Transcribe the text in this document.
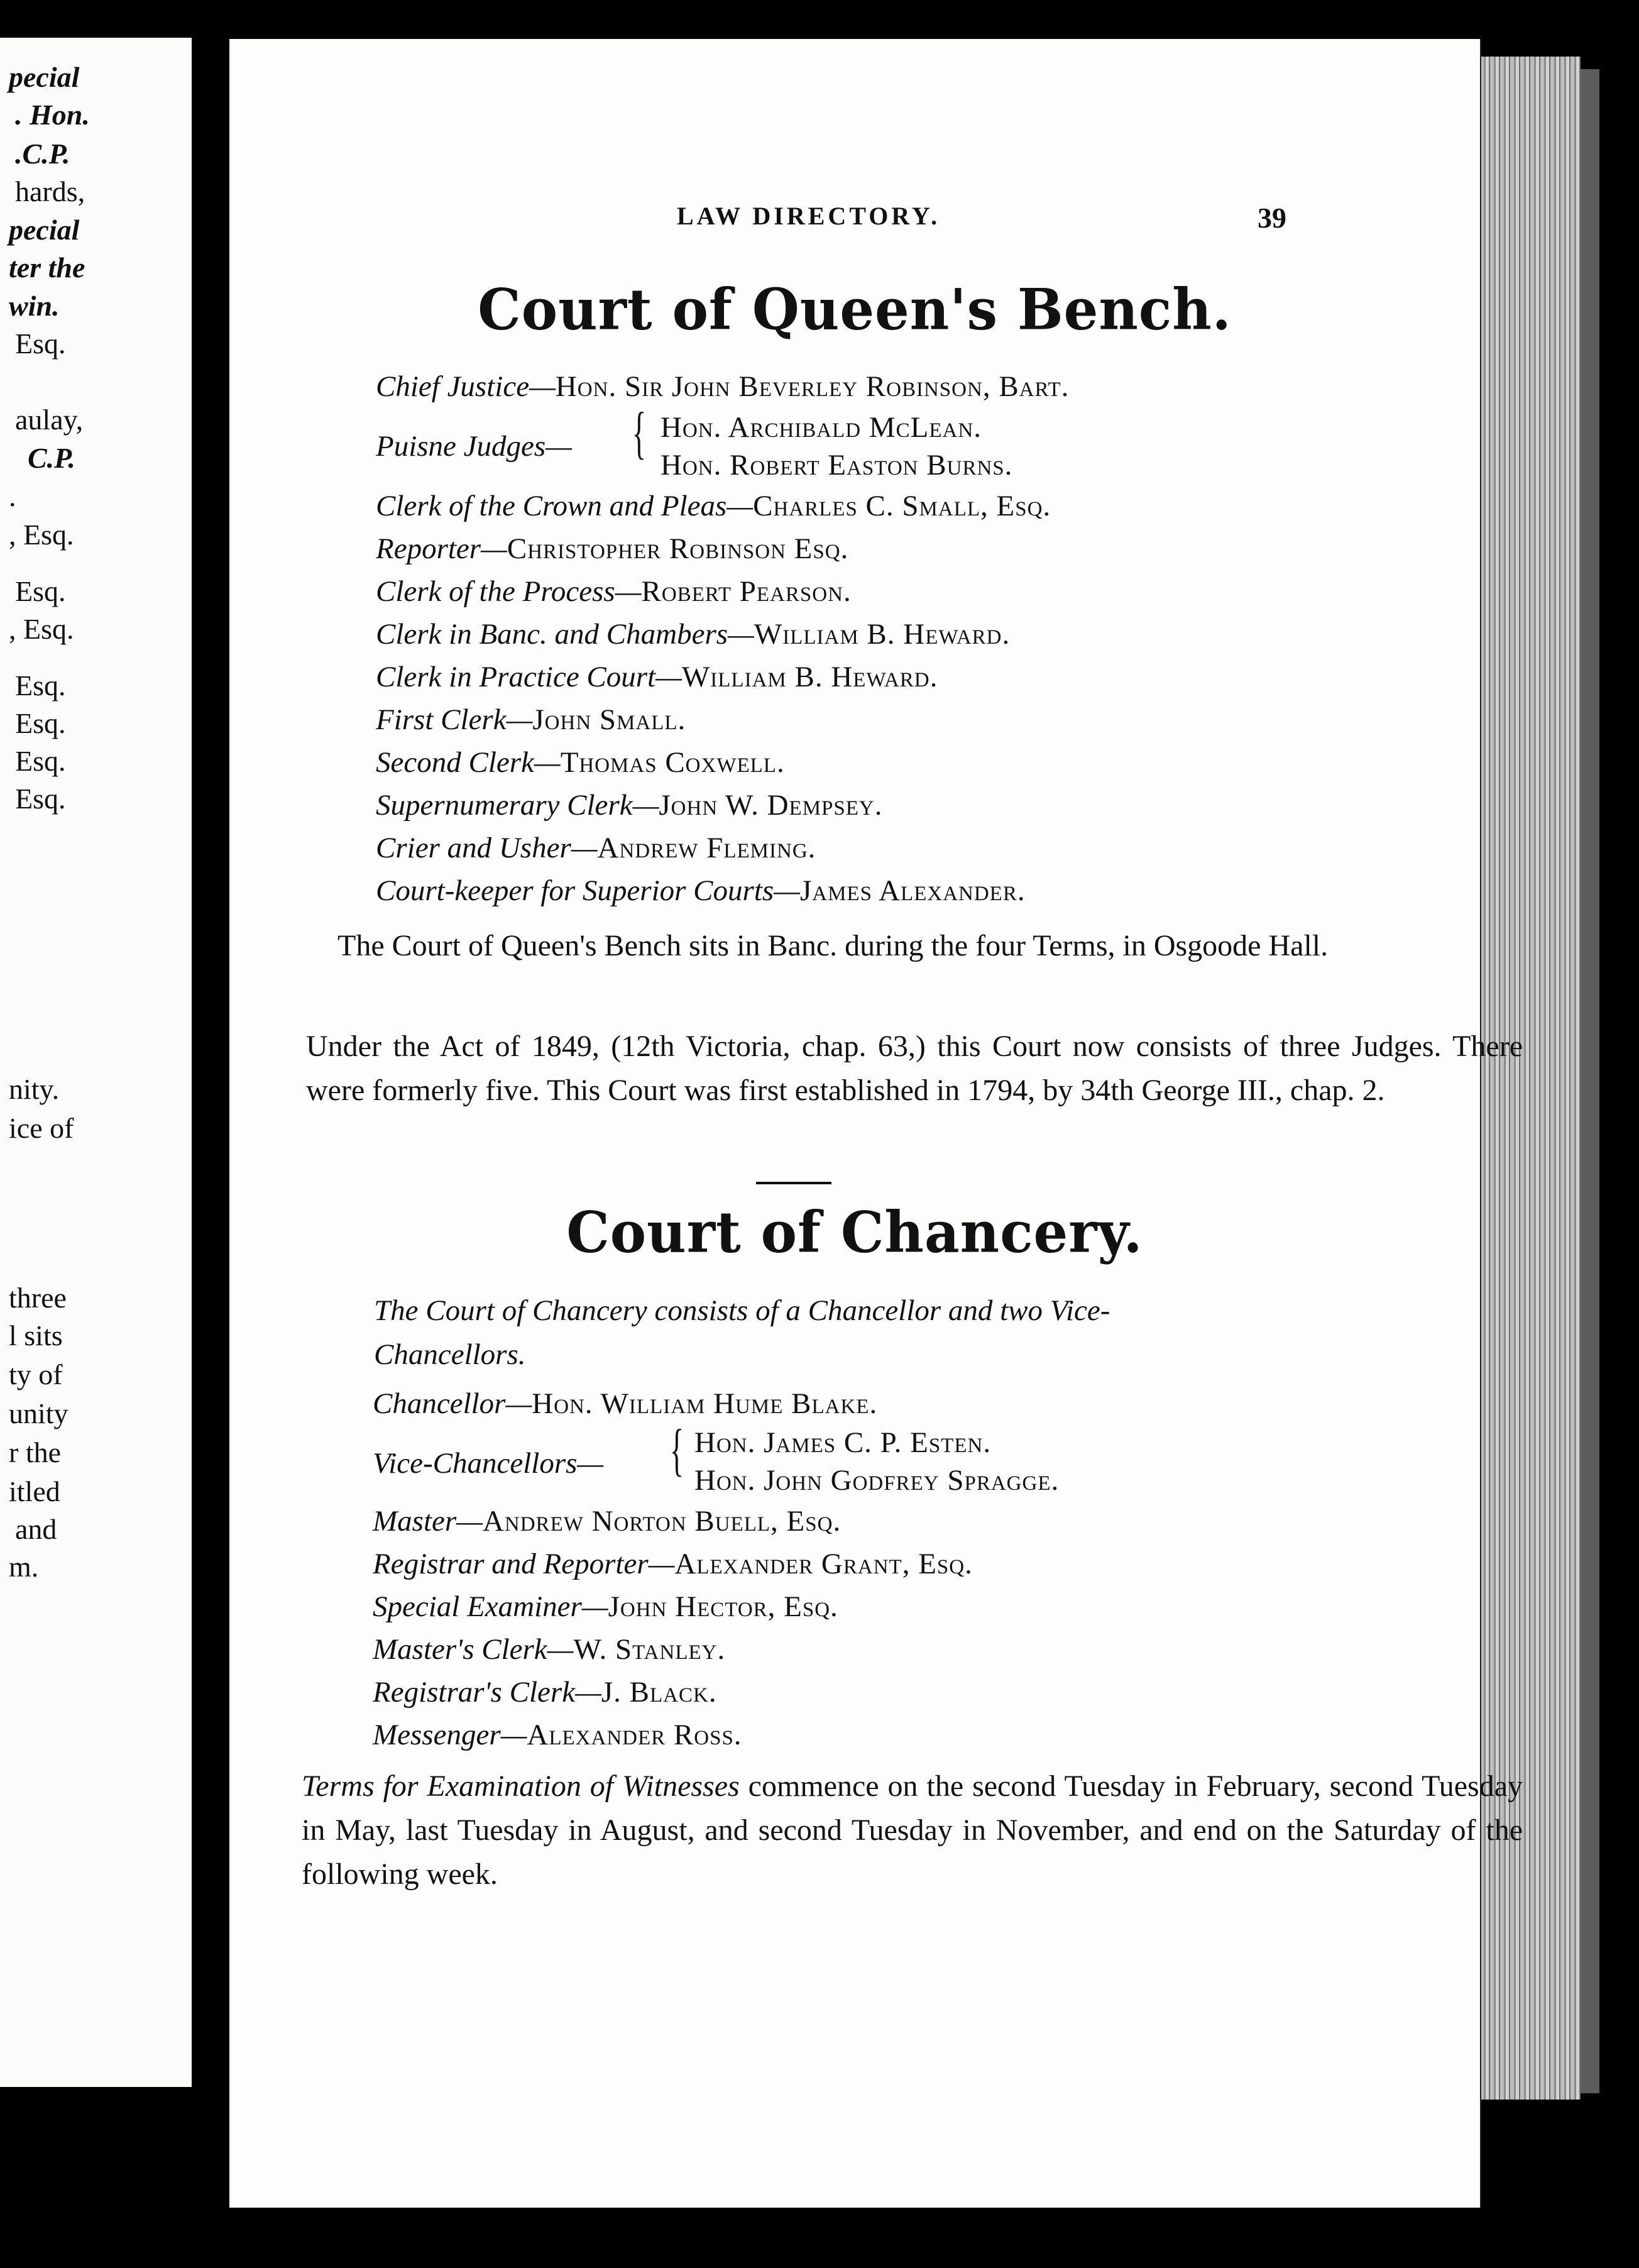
pecial
. Hon.
.C.P.
hards,
pecial
ter the
win.
Esq.
aulay,
C.P.
.
, Esq.
Esq.
, Esq.
Esq.
Esq.
Esq.
Esq.
nity.
ice of
three
l sits
ty of
unity
r the
itled
and
m.
LAW DIRECTORY.	39
Court of Queen's Bench.
Chief Justice—Hon. Sir John Beverley Robinson, Bart.
Puisne Judges— { Hon. Archibald McLean.
Hon. Robert Easton Burns.
Clerk of the Crown and Pleas—Charles C. Small, Esq.
Reporter—Christopher Robinson Esq.
Clerk of the Process—Robert Pearson.
Clerk in Banc. and Chambers—William B. Heward.
Clerk in Practice Court—William B. Heward.
First Clerk—John Small.
Second Clerk—Thomas Coxwell.
Supernumerary Clerk—John W. Dempsey.
Crier and Usher—Andrew Fleming.
Court-keeper for Superior Courts—James Alexander.
The Court of Queen's Bench sits in Banc. during the four Terms, in Osgoode Hall.
Under the Act of 1849, (12th Victoria, chap. 63,) this Court now consists of three Judges. There were formerly five. This Court was first established in 1794, by 34th George III., chap. 2.
Court of Chancery.
The Court of Chancery consists of a Chancellor and two Vice-Chancellors.
Chancellor—Hon. William Hume Blake.
Vice-Chancellors— { Hon. James C. P. Esten.
Hon. John Godfrey Spragge.
Master—Andrew Norton Buell, Esq.
Registrar and Reporter—Alexander Grant, Esq.
Special Examiner—John Hector, Esq.
Master's Clerk—W. Stanley.
Registrar's Clerk—J. Black.
Messenger—Alexander Ross.
Terms for Examination of Witnesses commence on the second Tuesday in February, second Tuesday in May, last Tuesday in August, and second Tuesday in November, and end on the Saturday of the following week.
